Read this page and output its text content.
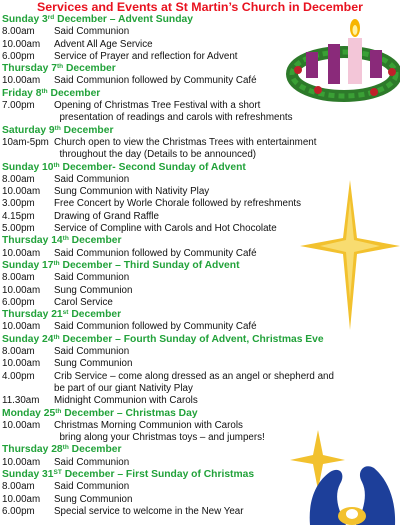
Services and Events at St Martin’s Church in December
Sunday 3rd December – Advent Sunday
8.00am	Said Communion
10.00am	Advent All Age Service
6.00pm	Service of Prayer and reflection for Advent
Thursday 7th December
10.00am	Said Communion followed by Community Café
Friday 8th December
7.00pm	Opening of Christmas Tree Festival with a short
presentation of readings and carols with refreshments
Saturday 9th December
10am-5pm Church open to view the Christmas Trees with entertainment
throughout the day (Details to be announced)
Sunday 10th December- Second Sunday of Advent
8.00am	Said Communion
10.00am	Sung Communion with Nativity Play
3.00pm	Free Concert by Worle Chorale followed by refreshments
4.15pm	Drawing of Grand Raffle
5.00pm	Service of Compline with Carols and Hot Chocolate
Thursday 14th December
10.00am	Said Communion followed by Community Café
Sunday 17th December – Third Sunday of Advent
8.00am	Said Communion
10.00am	Sung Communion
6.00pm	Carol Service
Thursday 21st December
10.00am	Said Communion followed by Community Café
Sunday 24th December – Fourth Sunday of Advent, Christmas Eve
8.00am	Said Communion
10.00am	Sung Communion
4.00pm	Crib Service – come along dressed as an angel or shepherd and
be part of our giant Nativity Play
11.30am	Midnight Communion with Carols
Monday 25th December – Christmas Day
10.00am	Christmas Morning Communion with Carols
bring along your Christmas toys – and jumpers!
Thursday 28th December
10.00am	Said Communion
Sunday 31ST December – First Sunday of Christmas
8.00am	Said Communion
10.00am	Sung Communion
6.00pm	Special service to welcome in the New Year
